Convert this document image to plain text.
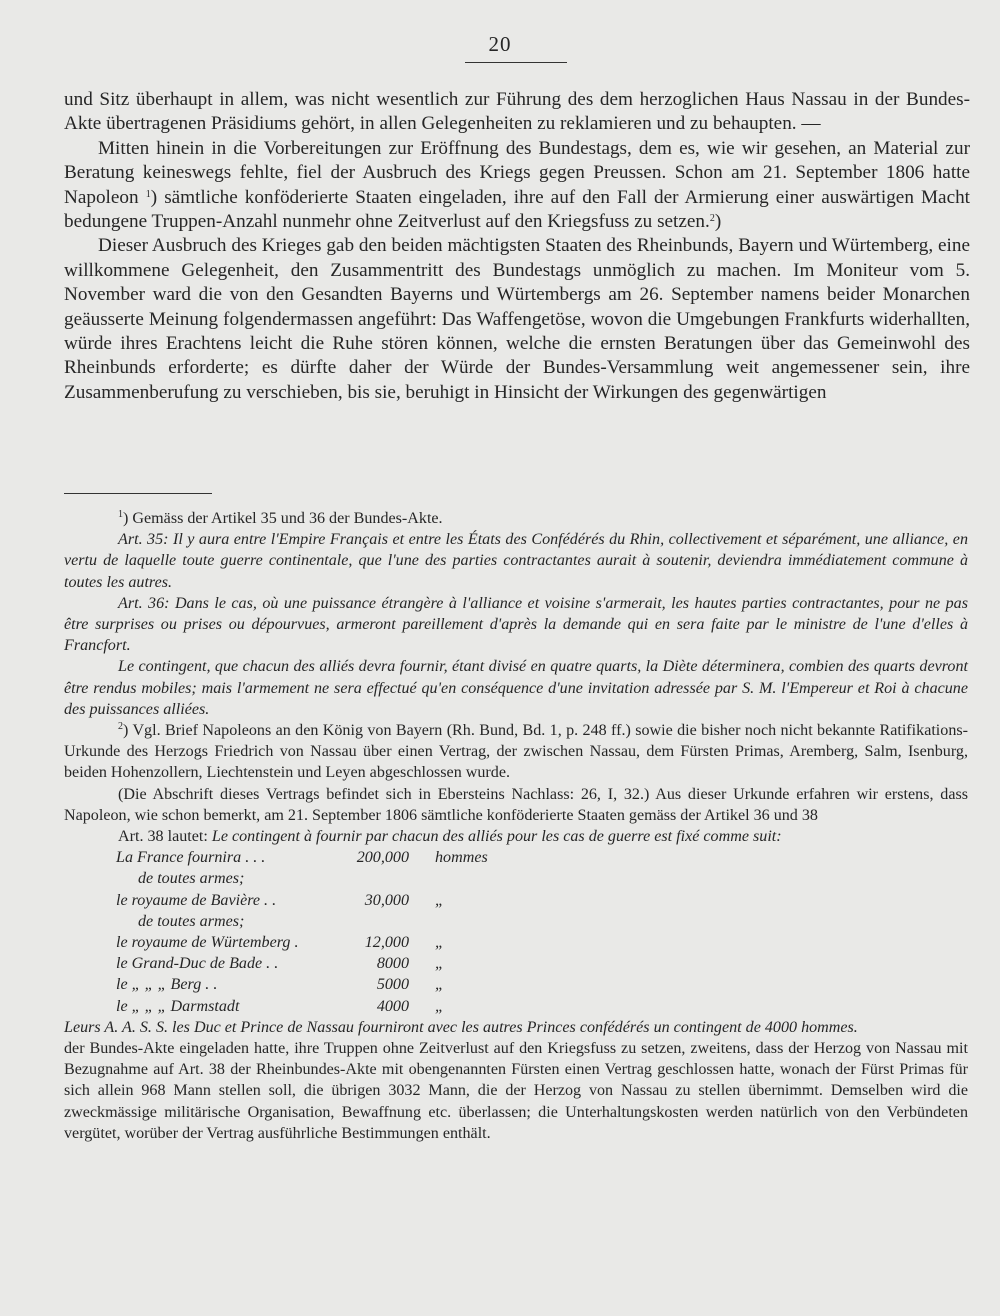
20

und Sitz überhaupt in allem, was nicht wesentlich zur Führung des dem herzoglichen Haus Nassau in der Bundes-Akte übertragenen Präsidiums gehört, in allen Gelegenheiten zu reklamieren und zu behaupten. —

Mitten hinein in die Vorbereitungen zur Eröffnung des Bundestags, dem es, wie wir gesehen, an Material zur Beratung keineswegs fehlte, fiel der Ausbruch des Kriegs gegen Preussen. Schon am 21. September 1806 hatte Napoleon $^1$) sämtliche konföderierte Staaten eingeladen, ihre auf den Fall der Armierung einer auswärtigen Macht bedungene Truppen-Anzahl nunmehr ohne Zeitverlust auf den Kriegsfuss zu setzen.$^2$)

Dieser Ausbruch des Krieges gab den beiden mächtigsten Staaten des Rheinbunds, Bayern und Würtemberg, eine willkommene Gelegenheit, den Zusammentritt des Bundestags unmöglich zu machen. Im Moniteur vom 5. November ward die von den Gesandten Bayerns und Würtembergs am 26. September namens beider Monarchen geäusserte Meinung folgendermassen angeführt: Das Waffengetöse, wovon die Umgebungen Frankfurts widerhallten, würde ihres Erachtens leicht die Ruhe stören können, welche die ernsten Beratungen über das Gemeinwohl des Rheinbunds erforderte; es dürfte daher der Würde der Bundes-Versammlung weit angemessener sein, ihre Zusammenberufung zu verschieben, bis sie, beruhigt in Hinsicht der Wirkungen des gegenwärtigen

$^1$) Gemäss der Artikel 35 und 36 der Bundes-Akte.

Art. 35: Il y aura entre l'Empire Français et entre les États des Confédérés du Rhin, collectivement et séparément, une alliance, en vertu de laquelle toute guerre continentale, que l'une des parties contractantes aurait à soutenir, deviendra immédiatement commune à toutes les autres.

Art. 36: Dans le cas, où une puissance étrangère à l'alliance et voisine s'armerait, les hautes parties contractantes, pour ne pas être surprises ou prises ou dépourvues, armeront pareillement d'après la demande qui en sera faite par le ministre de l'une d'elles à Francfort.

Le contingent, que chacun des alliés devra fournir, étant divisé en quatre quarts, la Diète déterminera, combien des quarts devront être rendus mobiles; mais l'armement ne sera effectué qu'en conséquence d'une invitation adressée par S. M. l'Empereur et Roi à chacune des puissances alliées.

$^2$) Vgl. Brief Napoleons an den König von Bayern (Rh. Bund, Bd. 1, p. 248 ff.) sowie die bisher noch nicht bekannte Ratifikations-Urkunde des Herzogs Friedrich von Nassau über einen Vertrag, der zwischen Nassau, dem Fürsten Primas, Aremberg, Salm, Isenburg, beiden Hohenzollern, Liechtenstein und Leyen abgeschlossen wurde.

(Die Abschrift dieses Vertrags befindet sich in Ebersteins Nachlass: 26, I, 32.) Aus dieser Urkunde erfahren wir erstens, dass Napoleon, wie schon bemerkt, am 21. September 1806 sämtliche konföderierte Staaten gemäss der Artikel 36 und 38

Art. 38 lautet: Le contingent à fournir par chacun des alliés pour les cas de guerre est fixé comme suit:

La France fournira . . .	200,000	hommes
de toutes armes;		
le royaume de Bavière . .	30,000	„
de toutes armes;		
le royaume de Würtemberg .	12,000	„
le Grand-Duc de Bade . .	8000	„
le „ „ „ Berg . .	5000	„
le „ „ „ Darmstadt	4000	„

Leurs A. A. S. S. les Duc et Prince de Nassau fourniront avec les autres Princes confédérés un contingent de 4000 hommes.

der Bundes-Akte eingeladen hatte, ihre Truppen ohne Zeitverlust auf den Kriegsfuss zu setzen, zweitens, dass der Herzog von Nassau mit Bezugnahme auf Art. 38 der Rheinbundes-Akte mit obengenannten Fürsten einen Vertrag geschlossen hatte, wonach der Fürst Primas für sich allein 968 Mann stellen soll, die übrigen 3032 Mann, die der Herzog von Nassau zu stellen übernimmt. Demselben wird die zweckmässige militärische Organisation, Bewaffnung etc. überlassen; die Unterhaltungskosten werden natürlich von den Verbündeten vergütet, worüber der Vertrag ausführliche Bestimmungen enthält.
